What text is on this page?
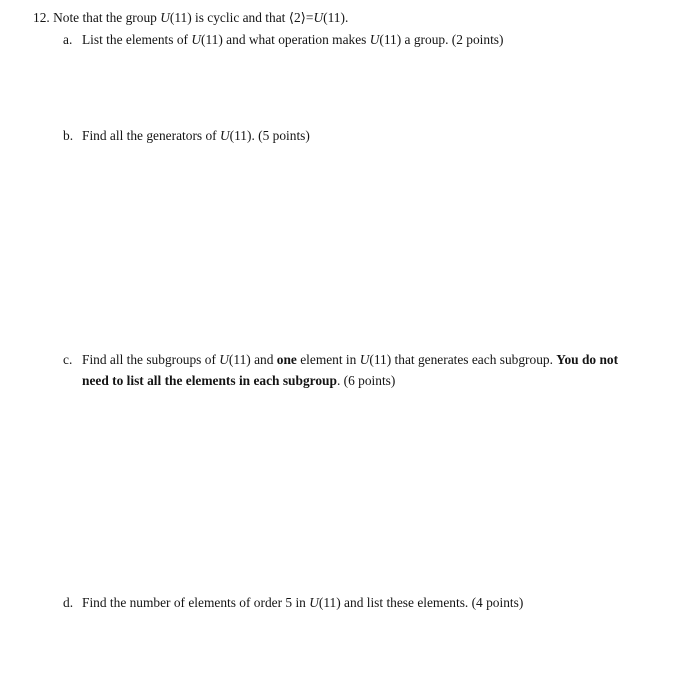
12. Note that the group U(11) is cyclic and that ⟨2⟩=U(11).
a. List the elements of U(11) and what operation makes U(11) a group. (2 points)
b. Find all the generators of U(11). (5 points)
c. Find all the subgroups of U(11) and one element in U(11) that generates each subgroup. You do not
need to list all the elements in each subgroup. (6 points)
d. Find the number of elements of order 5 in U(11) and list these elements. (4 points)
